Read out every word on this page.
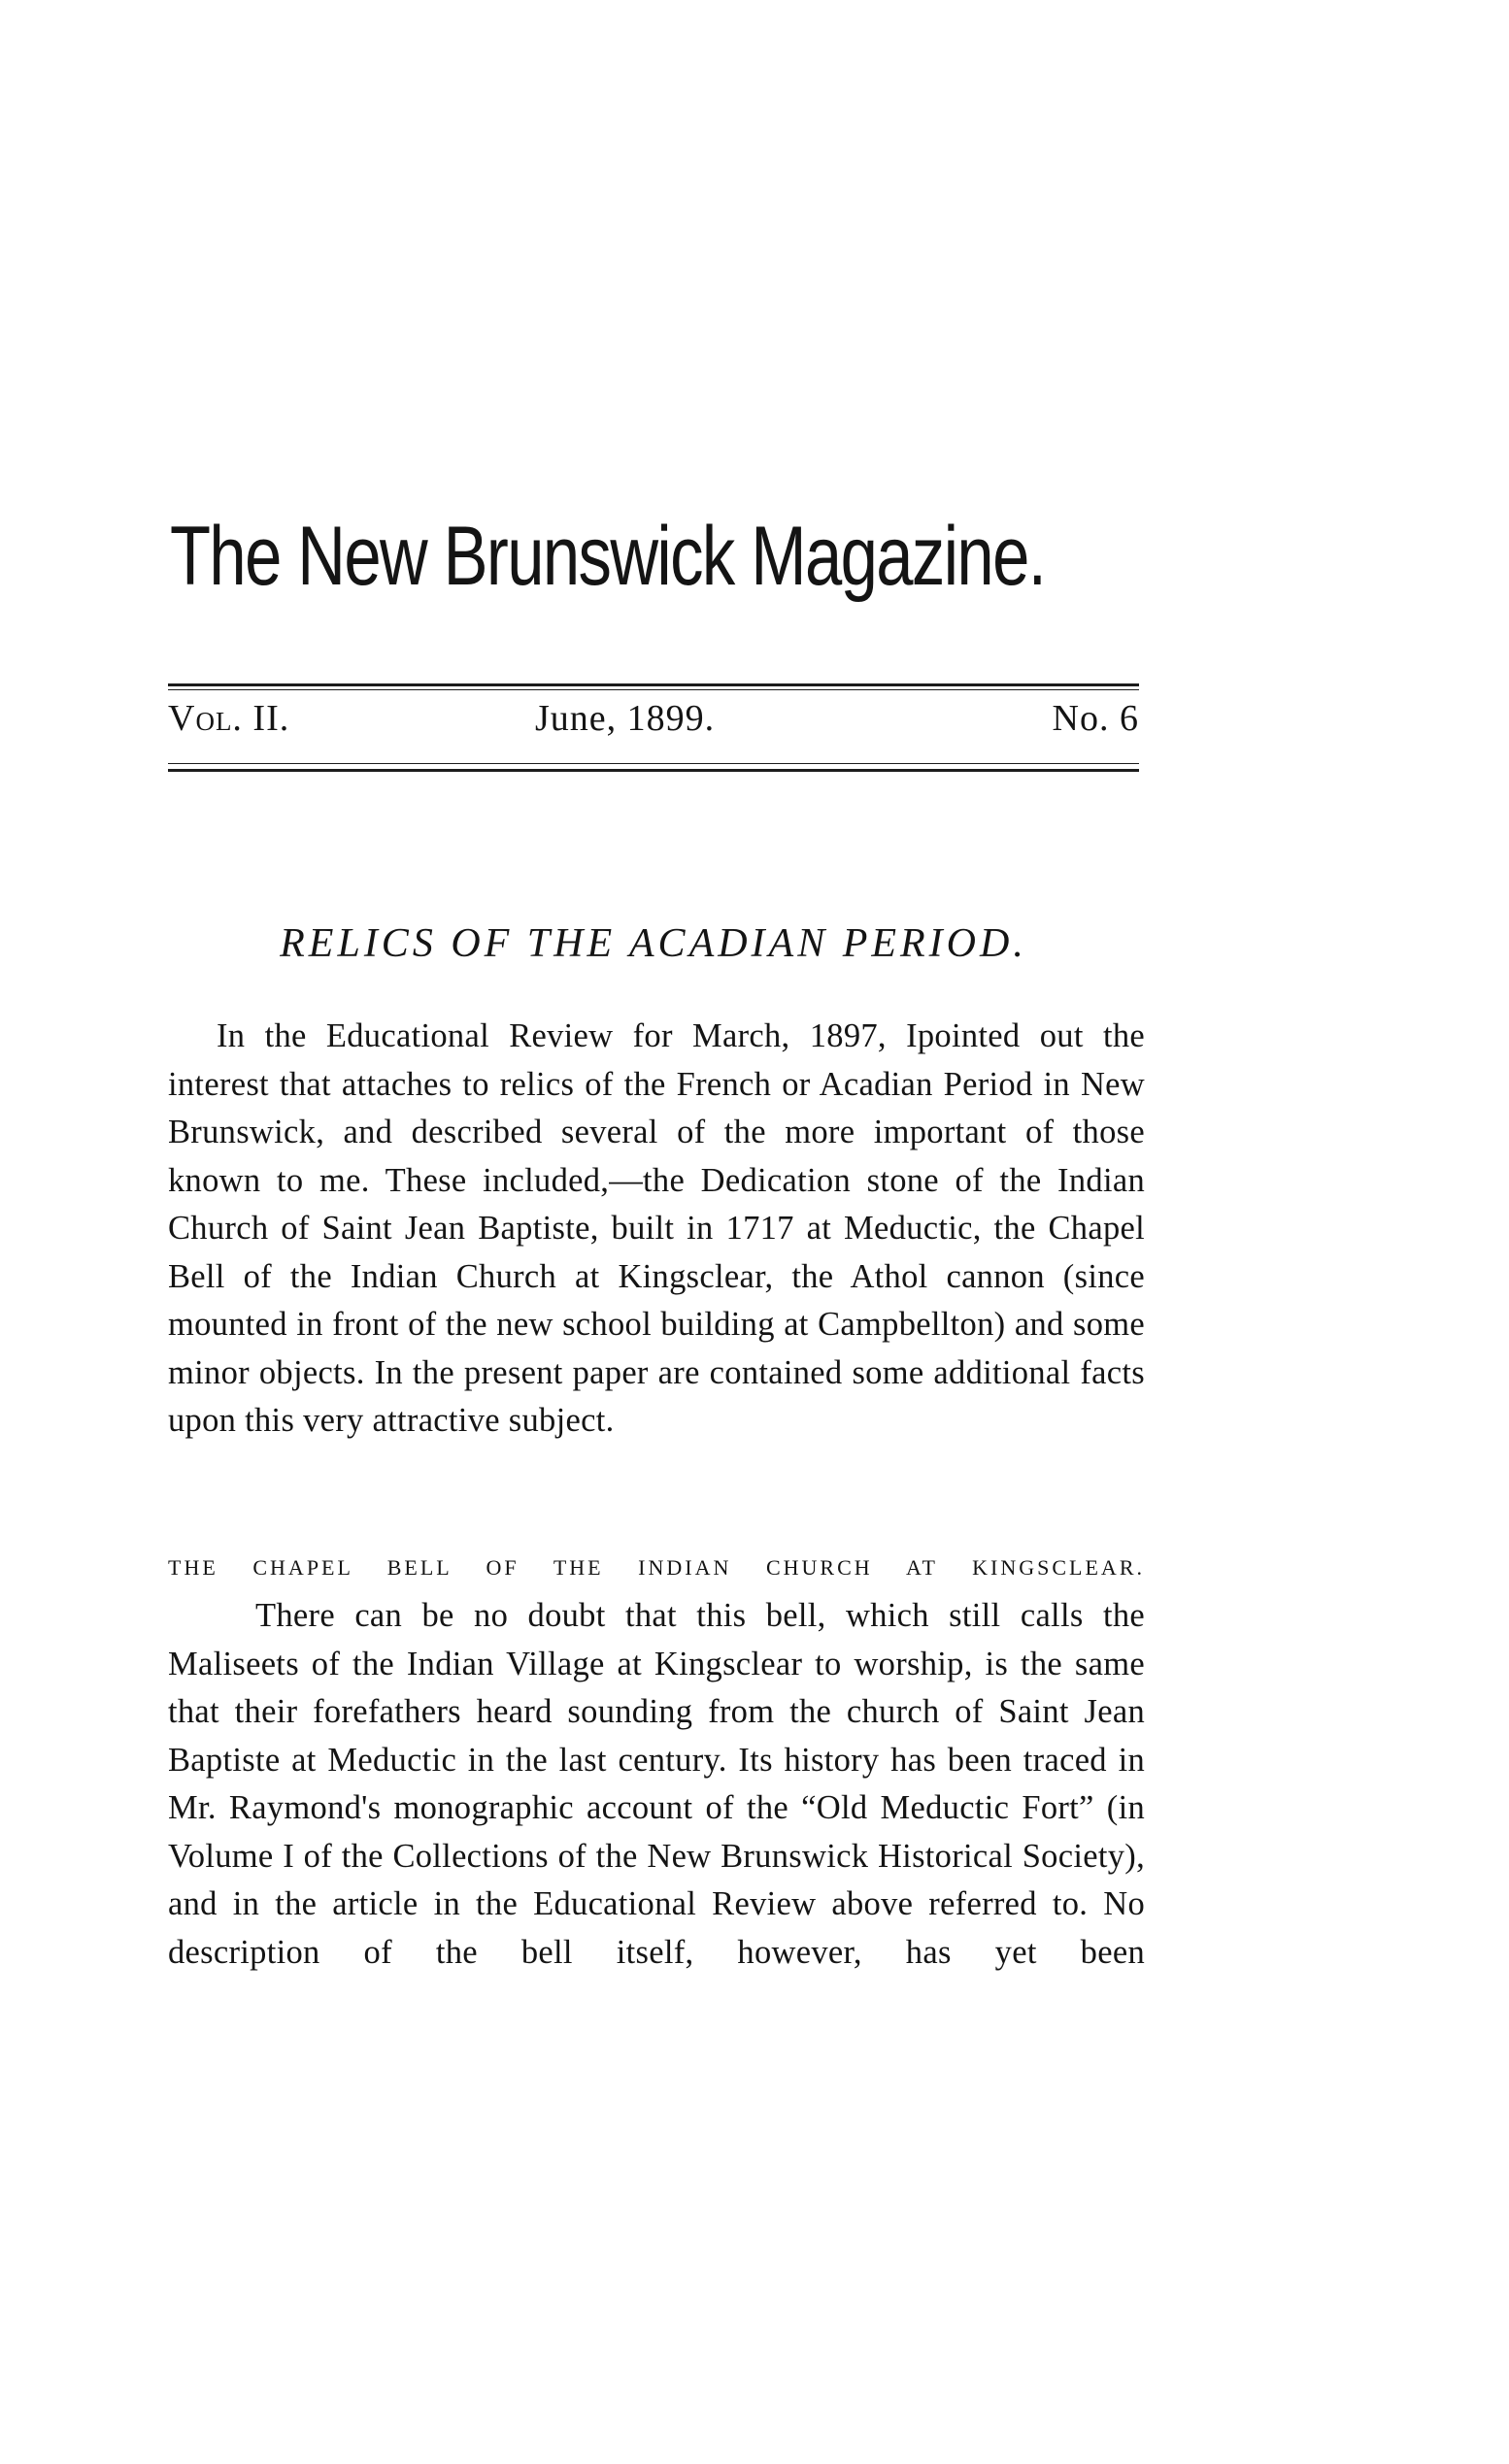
The New Brunswick Magazine.
Vol. II.	June, 1899.	No. 6
RELICS OF THE ACADIAN PERIOD.

In the Educational Review for March, 1897, Ipointed out the interest that attaches to relics of the French or Acadian Period in New Brunswick, and described several of the more important of those known to me. These included,—the Dedication stone of the Indian Church of Saint Jean Baptiste, built in 1717 at Meductic, the Chapel Bell of the Indian Church at Kingsclear, the Athol cannon (since mounted in front of the new school building at Campbellton) and some minor objects. In the present paper are contained some additional facts upon this very attractive subject.

THE CHAPEL BELL OF THE INDIAN CHURCH AT KINGSCLEAR.

There can be no doubt that this bell, which still calls the Maliseets of the Indian Village at Kingsclear to worship, is the same that their forefathers heard sounding from the church of Saint Jean Baptiste at Meductic in the last century. Its history has been traced in Mr. Raymond's monographic account of the “Old Meductic Fort” (in Volume I of the Collections of the New Brunswick Historical Society), and in the article in the Educational Review above referred to. No description of the bell itself, however, has yet been
